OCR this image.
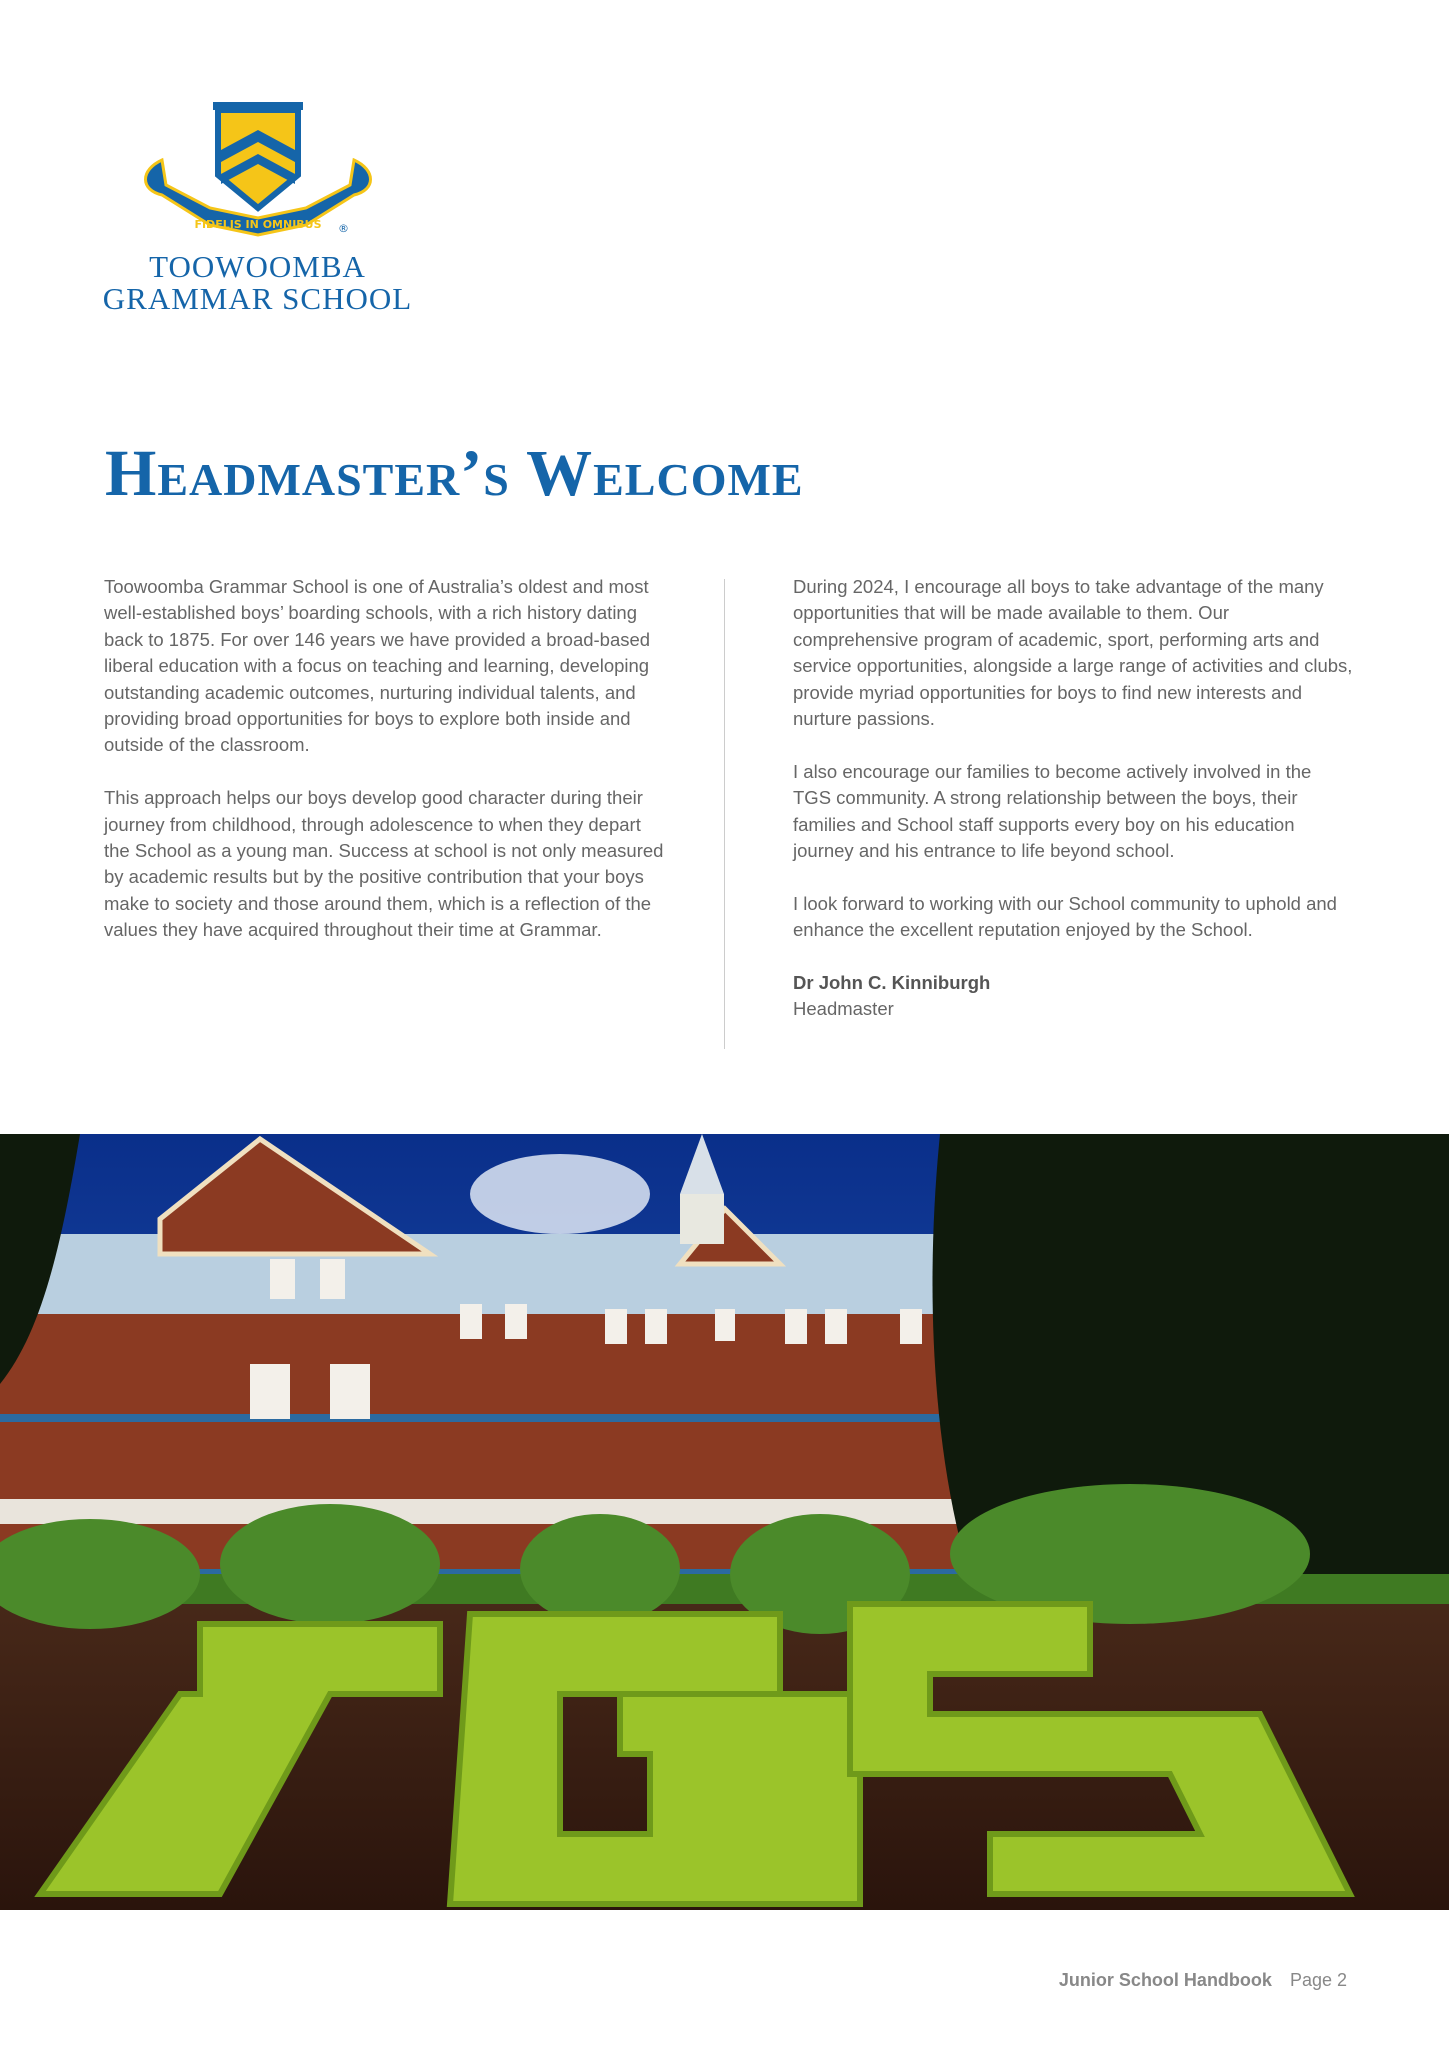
FIDELIS IN OMNIBUS ®
TOOWOOMBA
GRAMMAR SCHOOL
Headmaster’s Welcome

Toowoomba Grammar School is one of Australia’s oldest and most well-established boys’ boarding schools, with a rich history dating back to 1875. For over 146 years we have provided a broad-based liberal education with a focus on teaching and learning, developing outstanding academic outcomes, nurturing individual talents, and providing broad opportunities for boys to explore both inside and outside of the classroom.

This approach helps our boys develop good character during their journey from childhood, through adolescence to when they depart the School as a young man. Success at school is not only measured by academic results but by the positive contribution that your boys make to society and those around them, which is a reflection of the values they have acquired throughout their time at Grammar.

During 2024, I encourage all boys to take advantage of the many opportunities that will be made available to them. Our comprehensive program of academic, sport, performing arts and service opportunities, alongside a large range of activities and clubs, provide myriad opportunities for boys to find new interests and nurture passions.

I also encourage our families to become actively involved in the TGS community. A strong relationship between the boys, their families and School staff supports every boy on his education journey and his entrance to life beyond school.

I look forward to working with our School community to uphold and enhance the excellent reputation enjoyed by the School.

Dr John C. Kinniburgh
Headmaster
Junior School Handbook Page 2
